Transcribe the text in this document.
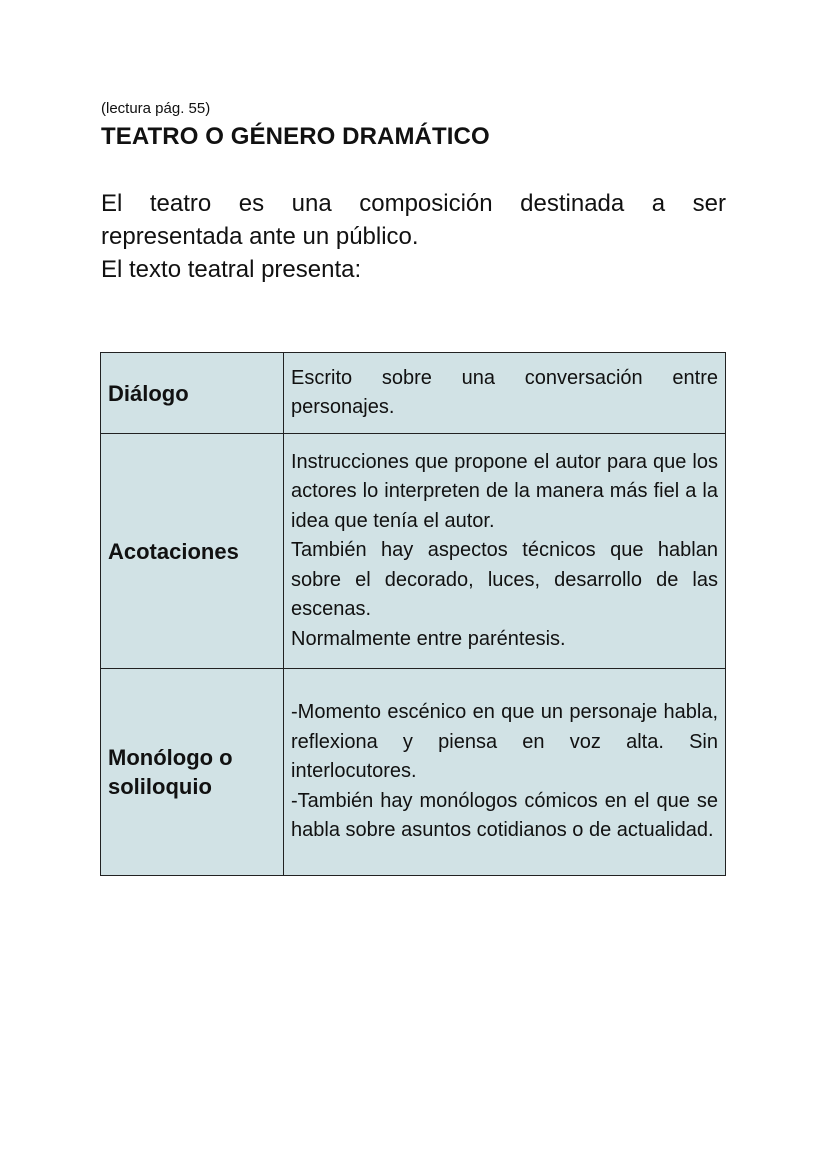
(lectura pág. 55)
TEATRO O GÉNERO DRAMÁTICO

El teatro es una composición destinada a ser representada ante un público.

El texto teatral presenta:

Diálogo	Escrito sobre una conversación entre personajes.

Acotaciones	Instrucciones que propone el autor para que los actores lo interpreten de la manera más fiel a la idea que tenía el autor.
También hay aspectos técnicos que hablan sobre el decorado, luces, desarrollo de las escenas.
Normalmente entre paréntesis.

Monólogo o soliloquio	-Momento escénico en que un personaje habla, reflexiona y piensa en voz alta. Sin interlocutores.
-También hay monólogos cómicos en el que se habla sobre asuntos cotidianos o de actualidad.
